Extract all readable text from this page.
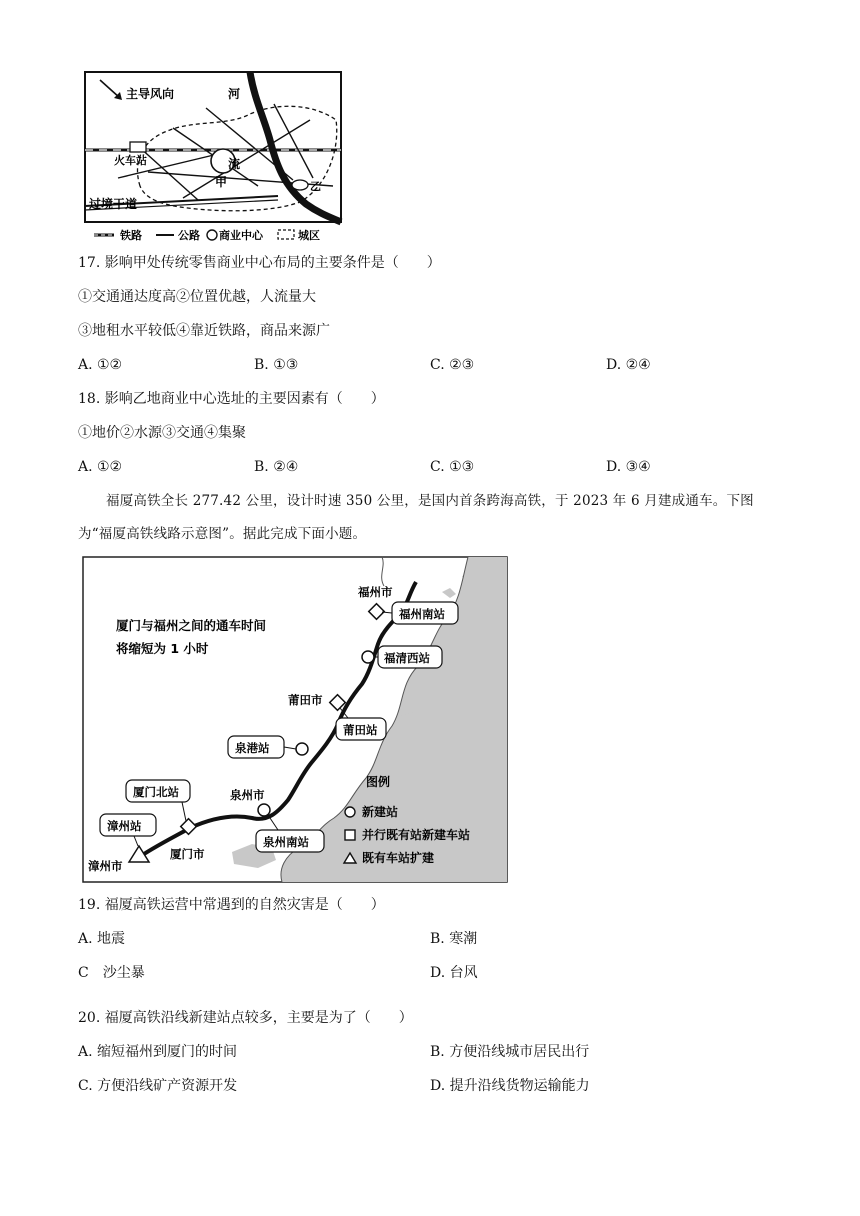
主导风向	河
流
火车站
甲	乙
过境干道
铁路	公路 商业中心	城区
17. 影响甲处传统零售商业中心布局的主要条件是（　　）
①交通通达度高②位置优越，人流量大
③地租水平较低④靠近铁路，商品来源广
A. ①②	B. ①③	C. ②③	D. ②④
18. 影响乙地商业中心选址的主要因素有（　　）
①地价②水源③交通④集聚
A. ①②	B. ②④	C. ①③	D. ③④
福厦高铁全长 277.42 公里，设计时速 350 公里，是国内首条跨海高铁，于 2023 年 6 月建成通车。下图
为“福厦高铁线路示意图”。据此完成下面小题。
厦门与福州之间的通车时间
将缩短为 1 小时
福州市
莆田市
泉州市
厦门市
漳州市
福州南站
福清西站
莆田站
泉港站
泉州南站
厦门北站
漳州站
图例
新建站
并行既有站新建车站
既有车站扩建
19. 福厦高铁运营中常遇到的自然灾害是（　　）
A. 地震	B. 寒潮
C　沙尘暴	D. 台风
20. 福厦高铁沿线新建站点较多，主要是为了（　　）
A. 缩短福州到厦门的时间	B. 方便沿线城市居民出行
C. 方便沿线矿产资源开发	D. 提升沿线货物运输能力
